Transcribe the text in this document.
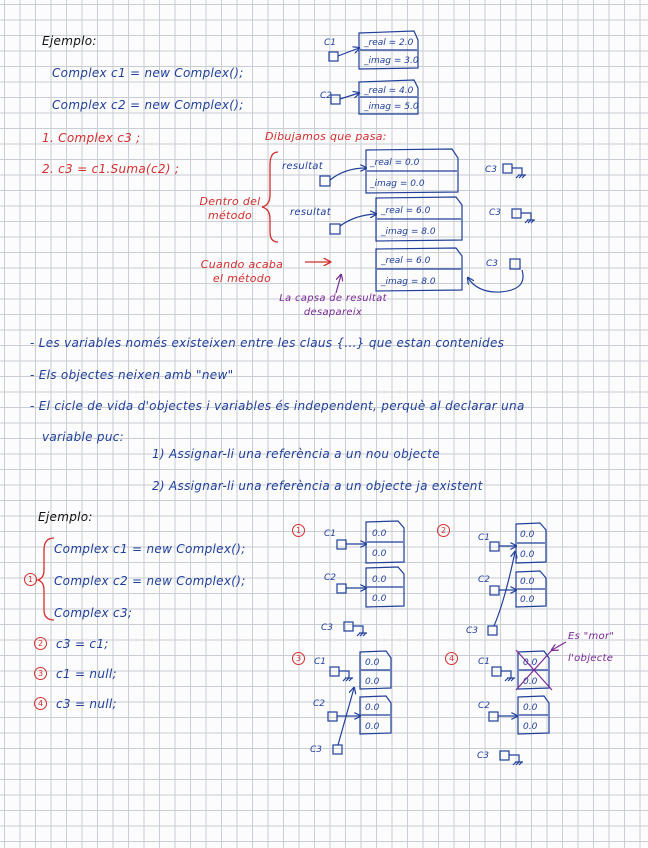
Ejemplo:
Complex c1 = new Complex();
Complex c2 = new Complex();
1. Complex c3 ;
2. c3 = c1.Suma(c2) ;
Dibujamos que pasa:
Dentro del método
Cuando acaba el método
La capsa de resultat desapareix
resultat
resultat
- Les variables només existeixen entre les claus {...} que estan contenides
- Els objectes neixen amb "new"
- El cicle de vida d'objectes i variables és independent, perquè al declarar una
variable puc:
1) Assignar-li una referència a un nou objecte
2) Assignar-li una referència a un objecte ja existent
Ejemplo:
Complex c1 = new Complex();
Complex c2 = new Complex();
Complex c3;
1
2	c3 = c1;
3	c1 = null;
4	c3 = null;
1	2
3	4
Es "mor"
l'objecte
C1	_real = 2.0
_imag = 3.0
C2	_real = 4.0
_imag = 5.0
_real = 0.0
_imag = 0.0
_real = 6.0
_imag = 8.0
_real = 6.0
_imag = 8.0
C3
C3
C3
C1	0.0
0.0
C2	0.0
0.0
C3
C1	0.0
0.0
C2	0.0
0.0
C3
C1	0.0
0.0
C2	0.0
0.0
C3
C1	0.0
0.0
C2	0.0
0.0
C3
